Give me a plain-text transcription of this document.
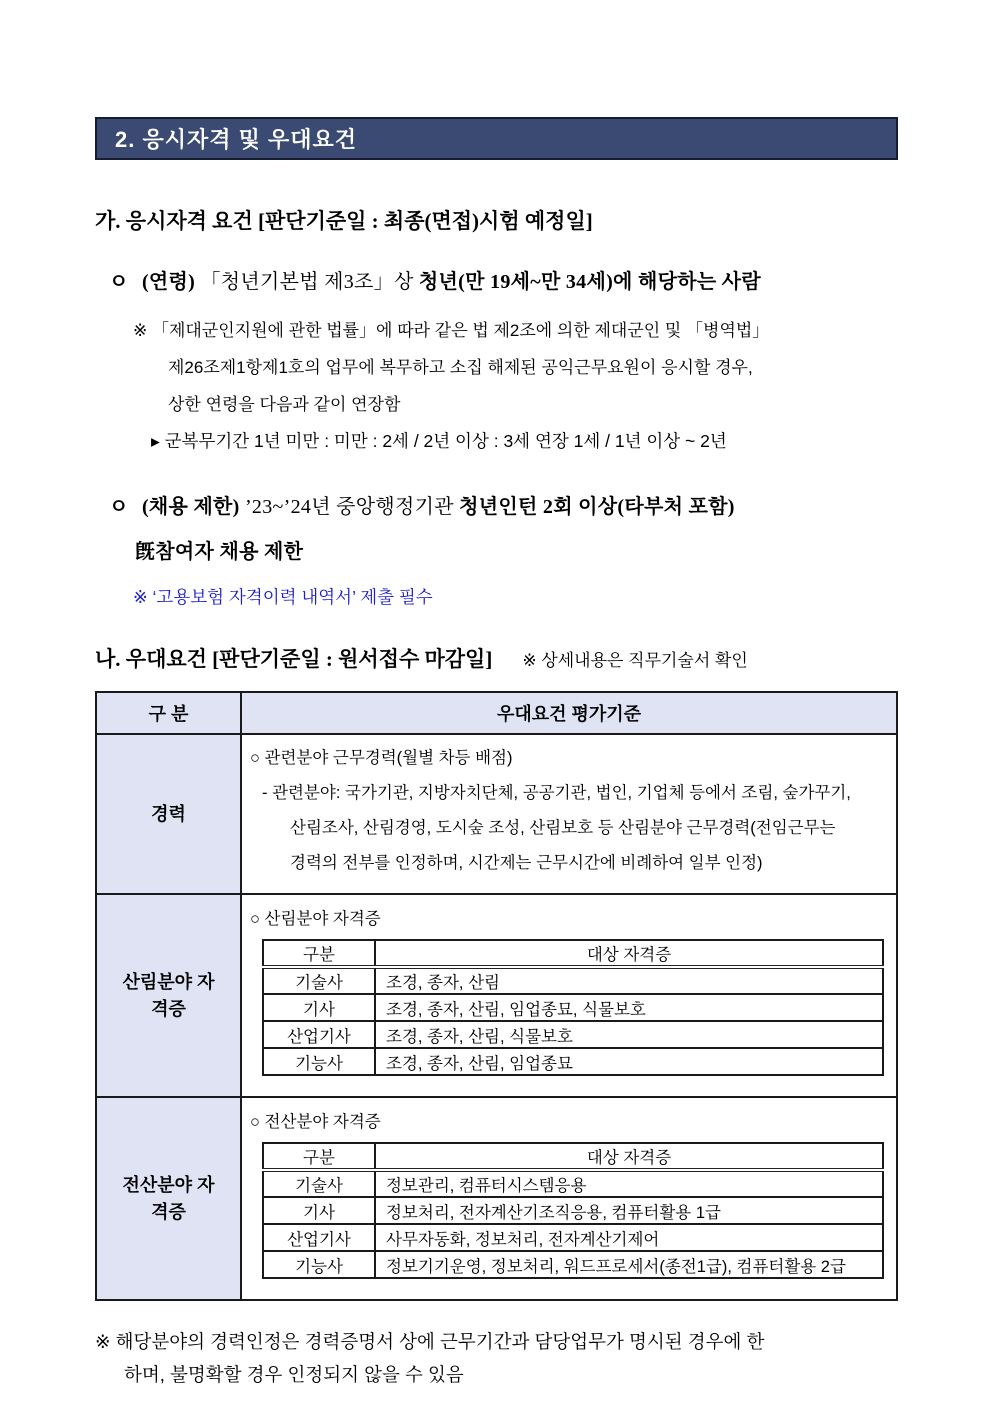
2. 응시자격 및 우대요건
가. 응시자격 요건 [판단기준일 : 최종(면접)시험 예정일]
ㅇ (연령) 「청년기본법 제3조」상 청년(만 19세~만 34세)에 해당하는 사람
※ 「제대군인지원에 관한 법률」에 따라 같은 법 제2조에 의한 제대군인 및 「병역법」
제26조제1항제1호의 업무에 복무하고 소집 해제된 공익근무요원이 응시할 경우,
상한 연령을 다음과 같이 연장함
▸ 군복무기간 1년 미만 : 미만 : 2세 / 2년 이상 : 3세 연장 1세 / 1년 이상 ~ 2년
ㅇ (채용 제한) ’23~’24년 중앙행정기관 청년인턴 2회 이상(타부처 포함)
旣참여자 채용 제한
※ ‘고용보험 자격이력 내역서’ 제출 필수
나. 우대요건 [판단기준일 : 원서접수 마감일] ※ 상세내용은 직무기술서 확인
구 분	우대요건 평가기준

경력

○ 관련분야 근무경력(월별 차등 배점)
- 관련분야: 국가기관, 지방자치단체, 공공기관, 법인, 기업체 등에서 조림, 숲가꾸기,
산림조사, 산림경영, 도시숲 조성, 산림보호 등 산림분야 근무경력(전임근무는
경력의 전부를 인정하며, 시간제는 근무시간에 비례하여 일부 인정)

산림분야 자격증

○ 산림분야 자격증
구분	대상 자격증
기술사	조경, 종자, 산림
기사	조경, 종자, 산림, 임업종묘, 식물보호
산업기사	조경, 종자, 산림, 식물보호
기능사	조경, 종자, 산림, 임업종묘

전산분야 자격증

○ 전산분야 자격증
구분	대상 자격증
기술사	정보관리, 컴퓨터시스템응용
기사	정보처리, 전자계산기조직응용, 컴퓨터활용 1급
산업기사	사무자동화, 정보처리, 전자계산기제어
기능사	정보기기운영, 정보처리, 워드프로세서(종전1급), 컴퓨터활용 2급
※ 해당분야의 경력인정은 경력증명서 상에 근무기간과 담당업무가 명시된 경우에 한
하며, 불명확할 경우 인정되지 않을 수 있음
